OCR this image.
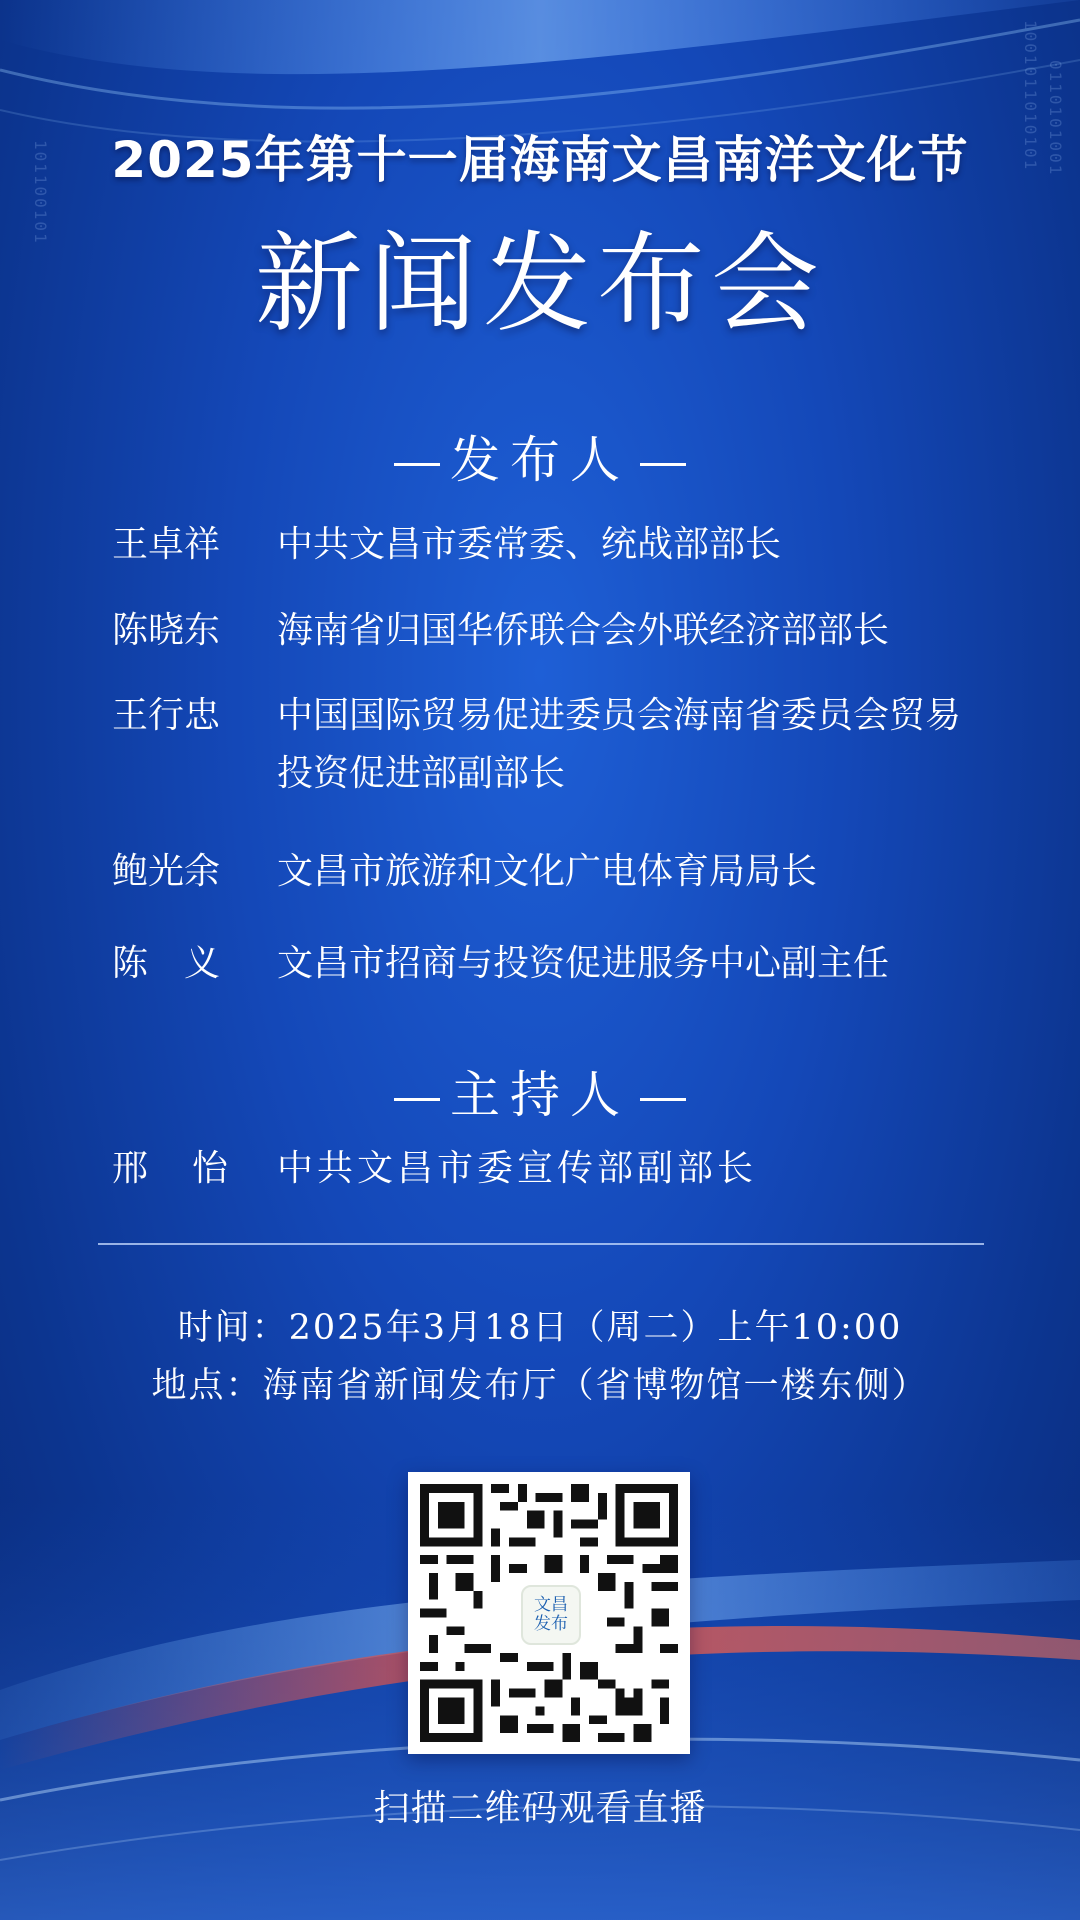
1001011010101 0110101001
101100101	2025年第十一届海南文昌南洋文化节
新闻发布会
发布人
王卓祥	中共文昌市委常委、统战部部长
陈晓东	海南省归国华侨联合会外联经济部部长
王行忠	中国国际贸易促进委员会海南省委员会贸易投资促进部副部长
鲍光余	文昌市旅游和文化广电体育局局长
陈　义	文昌市招商与投资促进服务中心副主任
主持人
邢　怡	中共文昌市委宣传部副部长
时间：2025年3月18日（周二）上午10:00
地点：海南省新闻发布厅（省博物馆一楼东侧）
文昌
发布
扫描二维码观看直播
